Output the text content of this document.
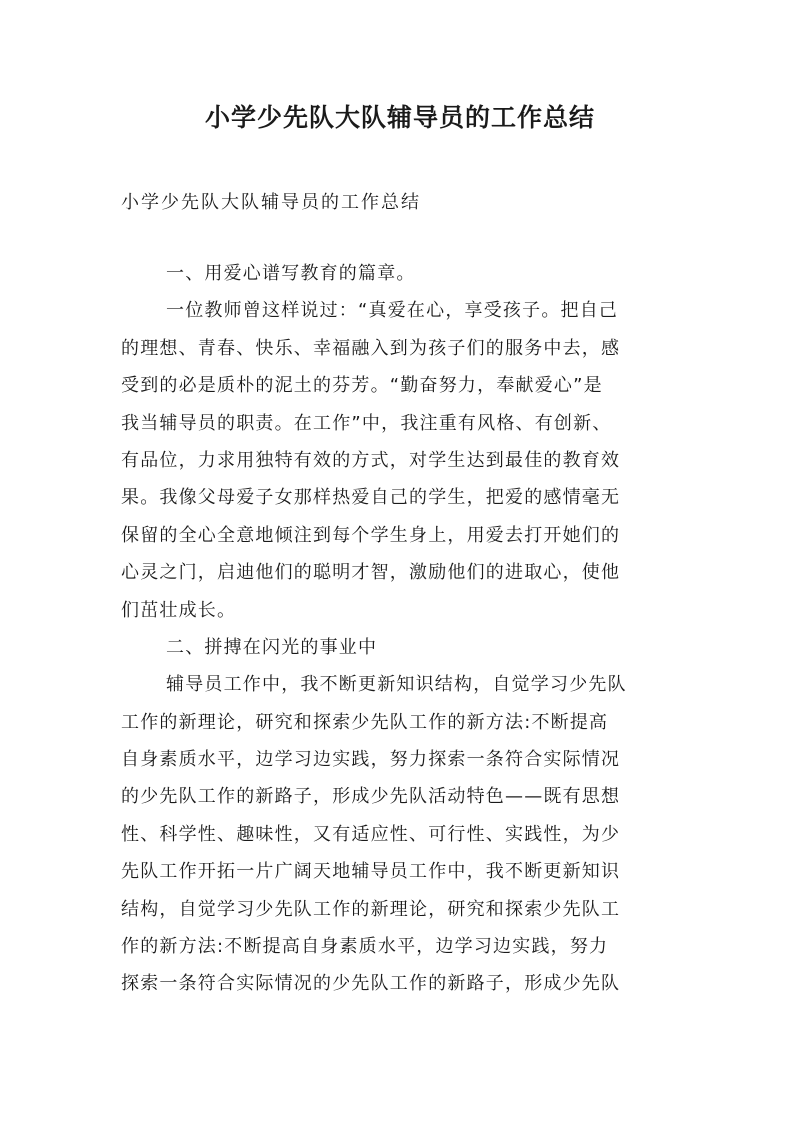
小学少先队大队辅导员的工作总结

小学少先队大队辅导员的工作总结

一、用爱心谱写教育的篇章。
一位教师曾这样说过：“真爱在心，享受孩子。把自己
的理想、青春、快乐、幸福融入到为孩子们的服务中去，感
受到的必是质朴的泥土的芬芳。“勤奋努力，奉献爱心”是
我当辅导员的职责。在工作”中，我注重有风格、有创新、
有品位，力求用独特有效的方式，对学生达到最佳的教育效
果。我像父母爱子女那样热爱自己的学生，把爱的感情毫无
保留的全心全意地倾注到每个学生身上，用爱去打开她们的
心灵之门，启迪他们的聪明才智，激励他们的进取心，使他
们茁壮成长。
二、拼搏在闪光的事业中
辅导员工作中，我不断更新知识结构，自觉学习少先队
工作的新理论，研究和探索少先队工作的新方法:不断提高
自身素质水平，边学习边实践，努力探索一条符合实际情况
的少先队工作的新路子，形成少先队活动特色——既有思想
性、科学性、趣味性，又有适应性、可行性、实践性，为少
先队工作开拓一片广阔天地辅导员工作中，我不断更新知识
结构，自觉学习少先队工作的新理论，研究和探索少先队工
作的新方法:不断提高自身素质水平，边学习边实践，努力
探索一条符合实际情况的少先队工作的新路子，形成少先队
